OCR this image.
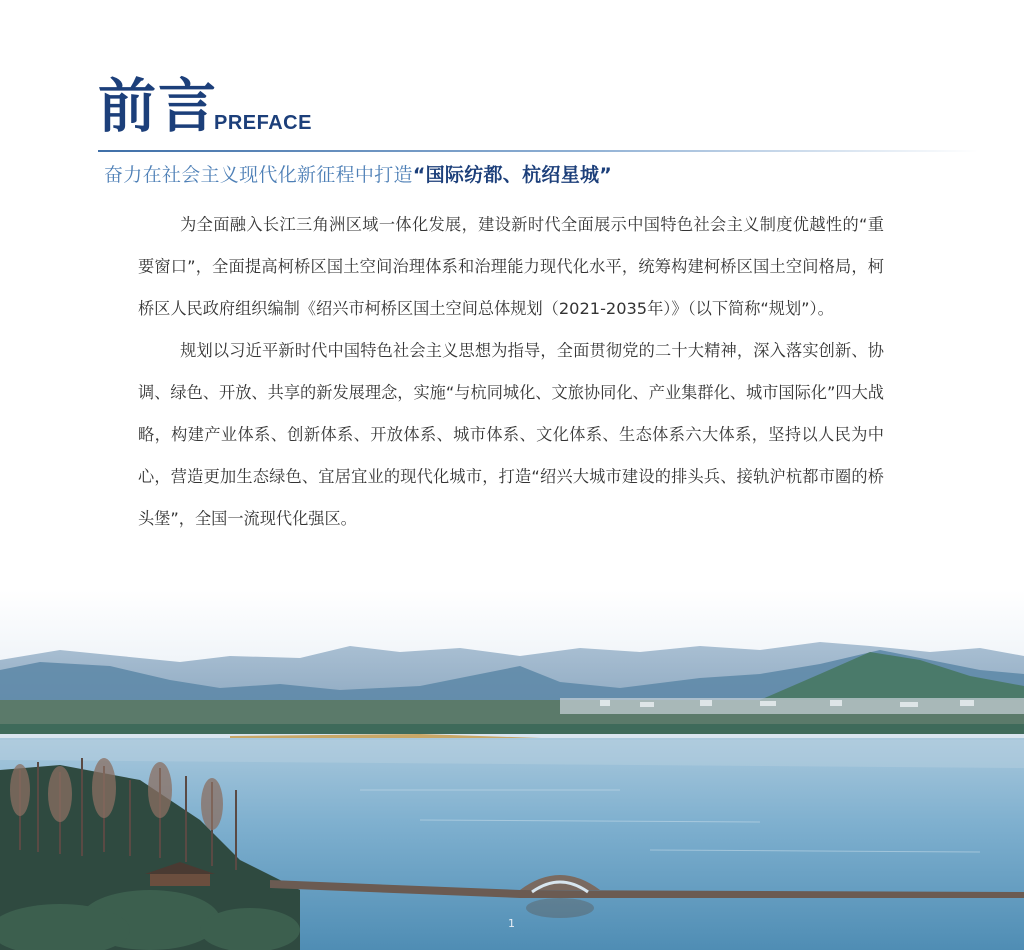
前言
PREFACE
奋力在社会主义现代化新征程中打造“国际纺都、杭绍星城”

为全面融入长江三角洲区域一体化发展，建设新时代全面展示中国特色社会主义制度优越性的“重要窗口”，全面提高柯桥区国土空间治理体系和治理能力现代化水平，统筹构建柯桥区国土空间格局，柯桥区人民政府组织编制《绍兴市柯桥区国土空间总体规划（2021-2035年）》（以下简称“规划”）。

规划以习近平新时代中国特色社会主义思想为指导，全面贯彻党的二十大精神，深入落实创新、协调、绿色、开放、共享的新发展理念，实施“与杭同城化、文旅协同化、产业集群化、城市国际化”四大战略，构建产业体系、创新体系、开放体系、城市体系、文化体系、生态体系六大体系，坚持以人民为中心，营造更加生态绿色、宜居宜业的现代化城市，打造“绍兴大城市建设的排头兵、接轨沪杭都市圈的桥头堡”，全国一流现代化强区。

1
